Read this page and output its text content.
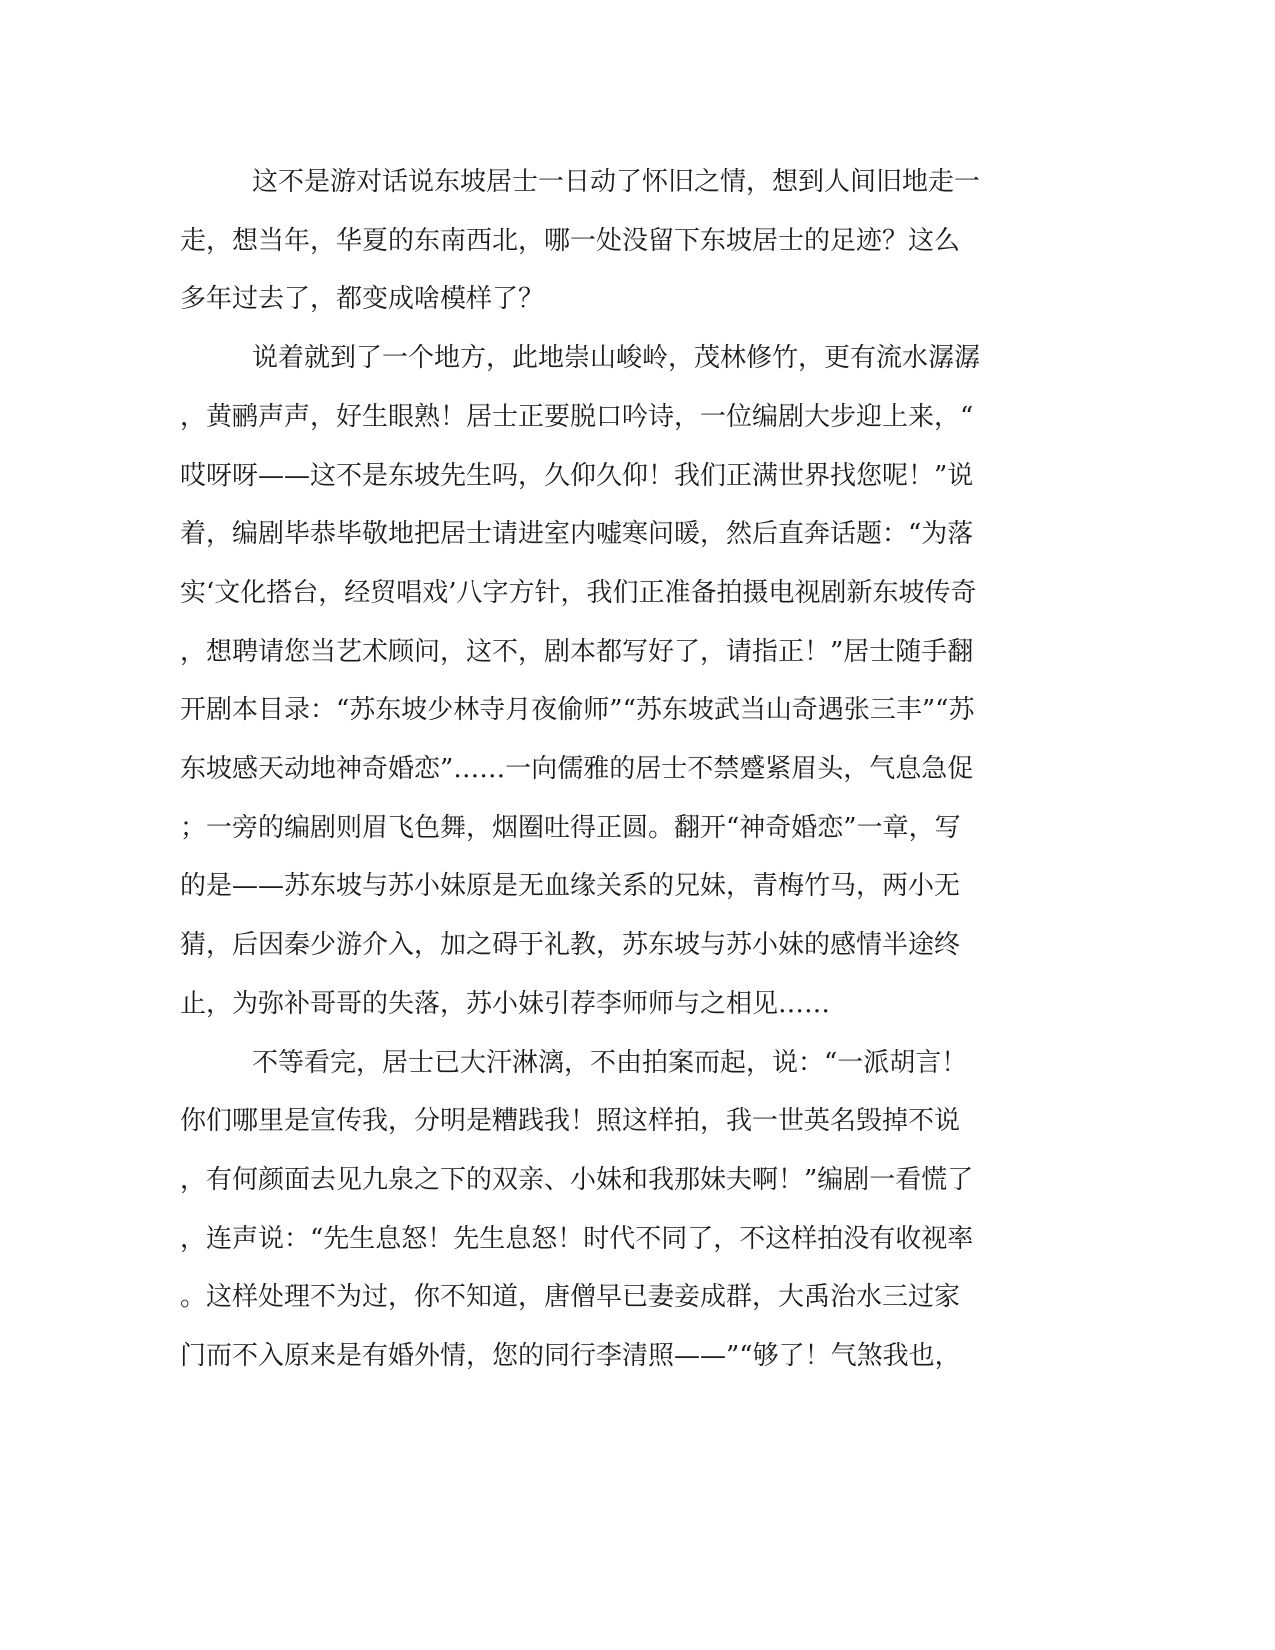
这不是游对话说东坡居士一日动了怀旧之情，想到人间旧地走一
走，想当年，华夏的东南西北，哪一处没留下东坡居士的足迹？这么
多年过去了，都变成啥模样了？
说着就到了一个地方，此地崇山峻岭，茂林修竹，更有流水潺潺
，黄鹂声声，好生眼熟！居士正要脱口吟诗，一位编剧大步迎上来，“
哎呀呀——这不是东坡先生吗，久仰久仰！我们正满世界找您呢！”说
着，编剧毕恭毕敬地把居士请进室内嘘寒问暖，然后直奔话题：“为落
实‘文化搭台，经贸唱戏’八字方针，我们正准备拍摄电视剧新东坡传奇
，想聘请您当艺术顾问，这不，剧本都写好了，请指正！”居士随手翻
开剧本目录：“苏东坡少林寺月夜偷师”“苏东坡武当山奇遇张三丰”“苏
东坡感天动地神奇婚恋”……一向儒雅的居士不禁蹙紧眉头，气息急促
；一旁的编剧则眉飞色舞，烟圈吐得正圆。翻开“神奇婚恋”一章，写
的是——苏东坡与苏小妹原是无血缘关系的兄妹，青梅竹马，两小无
猜，后因秦少游介入，加之碍于礼教，苏东坡与苏小妹的感情半途终
止，为弥补哥哥的失落，苏小妹引荐李师师与之相见……
不等看完，居士已大汗淋漓，不由拍案而起，说：“一派胡言！
你们哪里是宣传我，分明是糟践我！照这样拍，我一世英名毁掉不说
，有何颜面去见九泉之下的双亲、小妹和我那妹夫啊！”编剧一看慌了
，连声说：“先生息怒！先生息怒！时代不同了，不这样拍没有收视率
。这样处理不为过，你不知道，唐僧早已妻妾成群，大禹治水三过家
门而不入原来是有婚外情，您的同行李清照——”“够了！气煞我也，
